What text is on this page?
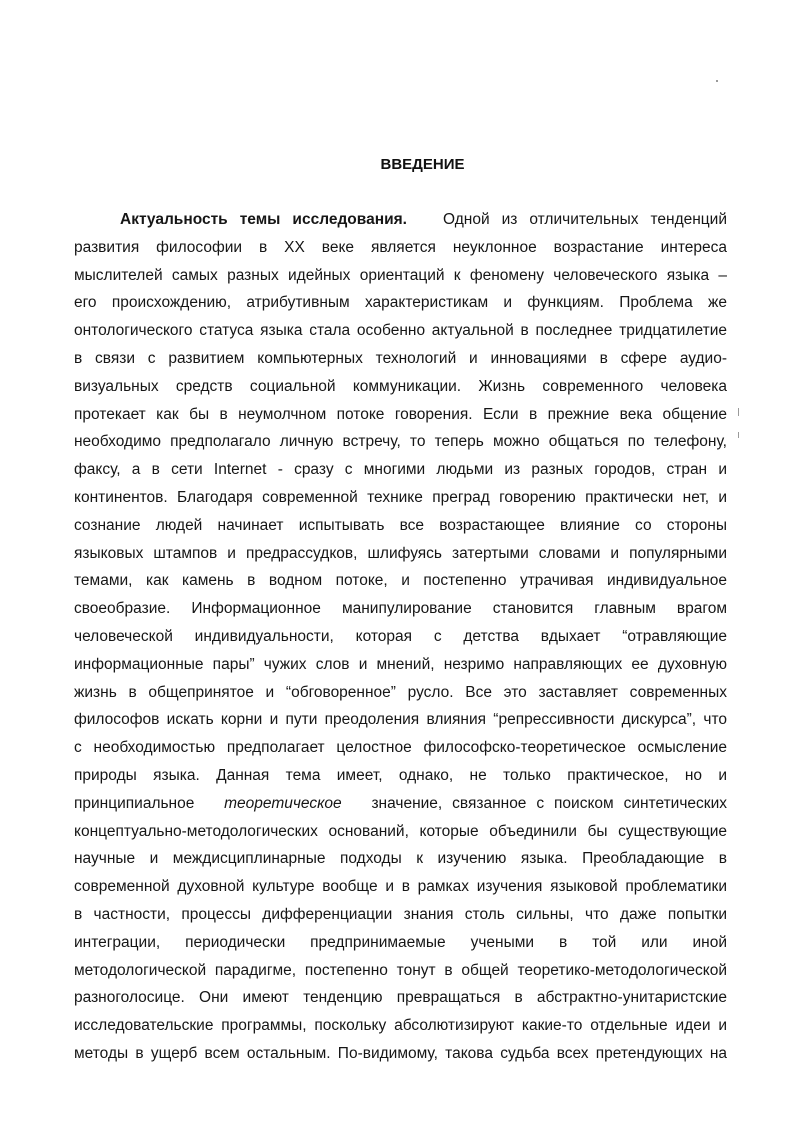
ВВЕДЕНИЕ
Актуальность темы исследования. Одной из отличительных тенденций
развития философии в ХХ веке является неуклонное возрастание интереса
мыслителей самых разных идейных ориентаций к феномену человеческого языка –
его происхождению, атрибутивным характеристикам и функциям. Проблема же
онтологического статуса языка стала особенно актуальной в последнее тридцатилетие
в связи с развитием компьютерных технологий и инновациями в сфере аудио-
визуальных средств социальной коммуникации. Жизнь современного человека
протекает как бы в неумолчном потоке говорения. Если в прежние века общение
необходимо предполагало личную встречу, то теперь можно общаться по телефону,
факсу, а в сети Internet - сразу с многими людьми из разных городов, стран и
континентов. Благодаря современной технике преград говорению практически нет, и
сознание людей начинает испытывать все возрастающее влияние со стороны
языковых штампов и предрассудков, шлифуясь затертыми словами и популярными
темами, как камень в водном потоке, и постепенно утрачивая индивидуальное
своеобразие. Информационное манипулирование становится главным врагом
человеческой индивидуальности, которая с детства вдыхает “отравляющие
информационные пары” чужих слов и мнений, незримо направляющих ее духовную
жизнь в общепринятое и “обговоренное” русло. Все это заставляет современных
философов искать корни и пути преодоления влияния “репрессивности дискурса”, что
с необходимостью предполагает целостное философско-теоретическое осмысление
природы языка. Данная тема имеет, однако, не только практическое, но и
принципиальное теоретическое значение, связанное с поиском синтетических
концептуально-методологических оснований, которые объединили бы существующие
научные и междисциплинарные подходы к изучению языка. Преобладающие в
современной духовной культуре вообще и в рамках изучения языковой проблематики
в частности, процессы дифференциации знания столь сильны, что даже попытки
интеграции, периодически предпринимаемые учеными в той или иной
методологической парадигме, постепенно тонут в общей теоретико-методологической
разноголосице. Они имеют тенденцию превращаться в абстрактно-унитаристские
исследовательские программы, поскольку абсолютизируют какие-то отдельные идеи и
методы в ущерб всем остальным. По-видимому, такова судьба всех претендующих на
